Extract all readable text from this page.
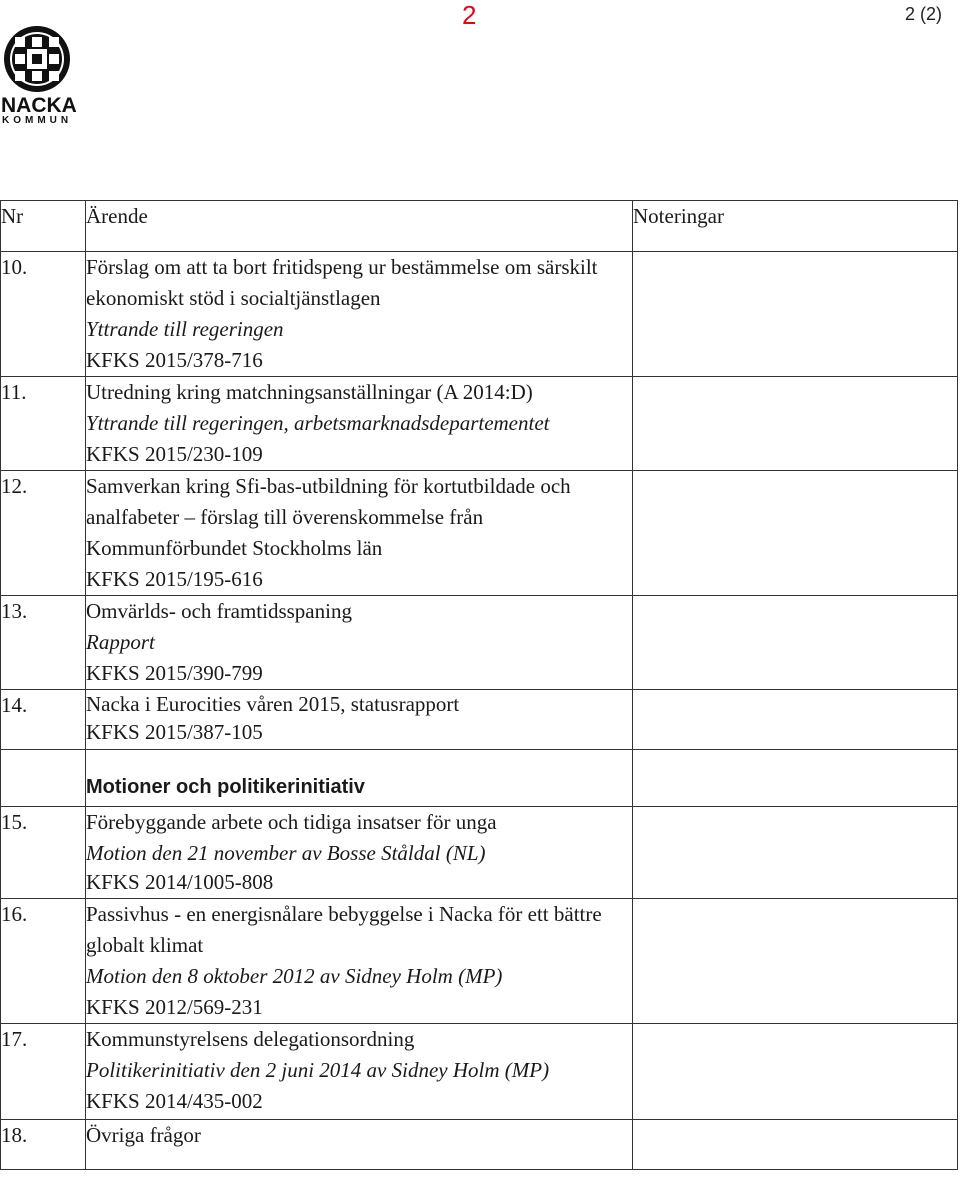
2	2 (2)
NACKA
KOMMUN
Nr	Ärende	Noteringar
10.	Förslag om att ta bort fritidspeng ur bestämmelse om särskilt ekonomiskt stöd i socialtjänstlagen
Yttrande till regeringen
KFKS 2015/378-716	

11.	Utredning kring matchningsanställningar (A 2014:D)
Yttrande till regeringen, arbetsmarknadsdepartementet
KFKS 2015/230-109	

12.	Samverkan kring Sfi-bas-utbildning för kortutbildade och analfabeter – förslag till överenskommelse från Kommunförbundet Stockholms län
KFKS 2015/195-616	

13.	Omvärlds- och framtidsspaning
Rapport
KFKS 2015/390-799	

14.	Nacka i Eurocities våren 2015, statusrapport
KFKS 2015/387-105	

	Motioner och politikerinitiativ	
15.	Förebyggande arbete och tidiga insatser för unga
Motion den 21 november av Bosse Ståldal (NL)
KFKS 2014/1005-808	

16.	Passivhus - en energisnålare bebyggelse i Nacka för ett bättre globalt klimat
Motion den 8 oktober 2012 av Sidney Holm (MP)
KFKS 2012/569-231	

17.	Kommunstyrelsens delegationsordning
Politikerinitiativ den 2 juni 2014 av Sidney Holm (MP)
KFKS 2014/435-002	

18.	Övriga frågor	
